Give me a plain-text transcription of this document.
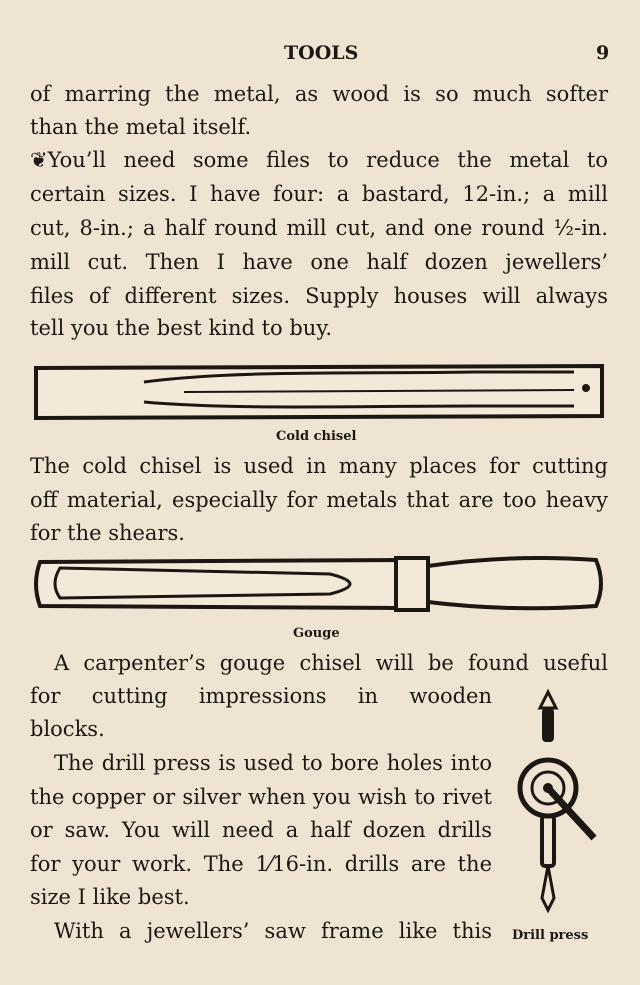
TOOLS	9
of marring the metal, as wood is so much softer
than the metal itself.
❦You’ll need some files to reduce the metal to
certain sizes. I have four: a bastard, 12-in.; a mill
cut, 8-in.; a half round mill cut, and one round ½-in.
mill cut. Then I have one half dozen jewellers’
files of different sizes. Supply houses will always
tell you the best kind to buy.
Cold chisel
The cold chisel is used in many places for cutting
off material, especially for metals that are too heavy
for the shears.
Gouge
A carpenter’s gouge chisel will be found useful
for cutting impressions in wooden
blocks.
The drill press is used to bore holes into
the copper or silver when you wish to rivet
or saw. You will need a half dozen drills
for your work. The 1⁄16-in. drills are the
size I like best.
With a jewellers’ saw frame like this Drill press
